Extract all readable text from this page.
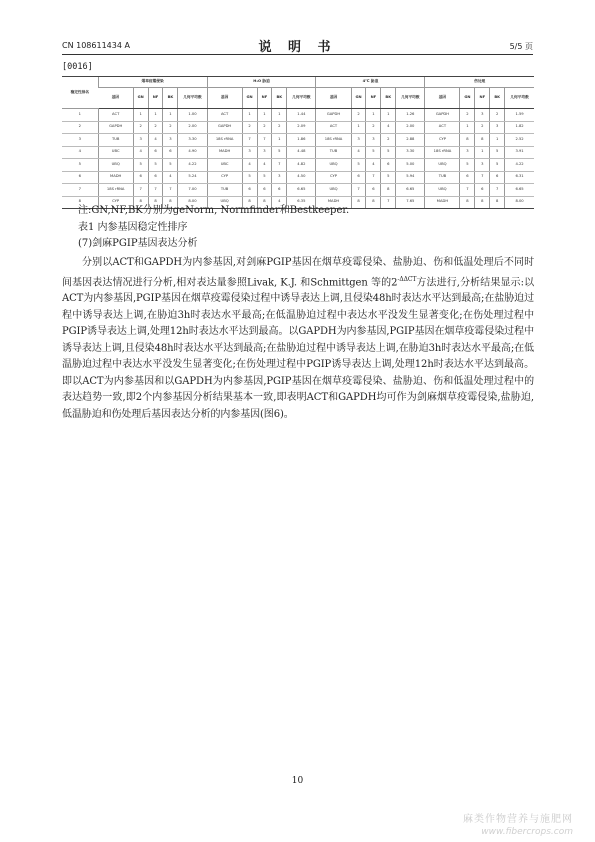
CN 108611434 A	说 明 书	5/5 页
[0016]
稳定性排名	烟草疫霉侵染					H₂O 胁迫					4℃ 胁迫					伤处理				
	基因	GN	NF	BK	几何平均数	基因	GN	NF	BK	几何平均数	基因	GN	NF	BK	几何平均数	基因	GN	NF	BK	几何平均数
1	ACT	1	1	1	1.00	ACT	1	1	1	1.44	GAPDH	2	1	1	1.26	GAPDH	2	3	2	1.59
2	GAPDH	2	2	2	2.00	GAPDH	2	2	2	2.09	ACT	1	2	4	2.00	ACT	1	2	3	1.82
3	TUB	3	4	3	3.30	18S rRNA	7	7	1	1.86	18S rRNA	3	3	2	2.88	CYP	8	8	1	2.52
4	UBC	4	6	6	4.90	MADH	3	3	5	4.48	TUB	4	5	5	3.30	18S rRNA	3	1	5	3.91
5	UBQ	5	5	5	4.22	UBC	4	4	7	4.82	UBQ	5	4	6	5.00	UBQ	5	3	5	4.22
6	MADH	6	6	4	5.24	CYP	5	5	3	4.50	CYP	6	7	5	5.94	TUB	6	7	6	6.31
7	18S rRNA	7	7	7	7.00	TUB	6	6	6	6.65	UBQ	7	6	8	6.65	UBQ	7	6	7	6.65
8	CYP	8	8	8	8.00	UBQ	8	8	4	6.35	MADH	8	8	7	7.65	MADH	8	8	8	8.00
注:GN,NF,BK分别为geNorm, Normfinder和Bestkeeper.
表1 内参基因稳定性排序
(7)剑麻PGIP基因表达分析
分别以ACT和GAPDH为内参基因,对剑麻PGIP基因在烟草疫霉侵染、盐胁迫、伤和低温处理后不同时间基因表达情况进行分析,相对表达量参照Livak, K.J. 和Schmittgen 等的$2^{-\Delta\Delta CT}$方法进行,分析结果显示:以ACT为内参基因,PGIP基因在烟草疫霉侵染过程中诱导表达上调,且侵染48h时表达水平达到最高;在盐胁迫过程中诱导表达上调,在胁迫3h时表达水平最高;在低温胁迫过程中表达水平没发生显著变化;在伤处理过程中PGIP诱导表达上调,处理12h时表达水平达到最高。以GAPDH为内参基因,PGIP基因在烟草疫霉侵染过程中诱导表达上调,且侵染48h时表达水平达到最高;在盐胁迫过程中诱导表达上调,在胁迫3h时表达水平最高;在低温胁迫过程中表达水平没发生显著变化;在伤处理过程中PGIP诱导表达上调,处理12h时表达水平达到最高。即以ACT为内参基因和以GAPDH为内参基因,PGIP基因在烟草疫霉侵染、盐胁迫、伤和低温处理过程中的表达趋势一致,即2个内参基因分析结果基本一致,即表明ACT和GAPDH均可作为剑麻烟草疫霉侵染,盐胁迫,低温胁迫和伤处理后基因表达分析的内参基因(图6)。
10
麻类作物营养与施肥网
www.fibercrops.com
